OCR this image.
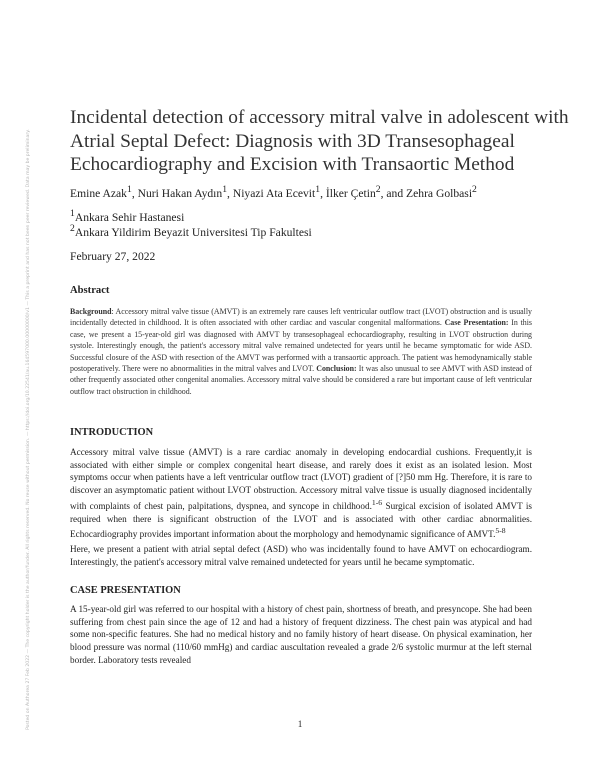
Posted on Authorea 27 Feb 2022 — The copyright holder is the author/funder. All rights reserved. No reuse without permission. — https://doi.org/10.22541/au.164597000.00000000/v1 — This a preprint and has not been peer reviewed. Data may be preliminary.
Incidental detection of accessory mitral valve in adolescent with
Atrial Septal Defect: Diagnosis with 3D Transesophageal
Echocardiography and Excision with Transaortic Method
Emine Azak$^1$, Nuri Hakan Aydın$^1$, Niyazi Ata Ecevit$^1$, İlker Çetin$^2$, and Zehra Golbasi$^2$
$^1$Ankara Sehir Hastanesi
$^2$Ankara Yildirim Beyazit Universitesi Tip Fakultesi
February 27, 2022
Abstract
Background: Accessory mitral valve tissue (AMVT) is an extremely rare causes left ventricular outflow tract (LVOT) obstruction and is usually incidentally detected in childhood. It is often associated with other cardiac and vascular congenital malformations. Case Presentation: In this case, we present a 15-year-old girl was diagnosed with AMVT by transesophageal echocardiography, resulting in LVOT obstruction during systole. Interestingly enough, the patient's accessory mitral valve remained undetected for years until he became symptomatic for wide ASD. Successful closure of the ASD with resection of the AMVT was performed with a transaortic approach. The patient was hemodynamically stable postoperatively. There were no abnormalities in the mitral valves and LVOT. Conclusion: It was also unusual to see AMVT with ASD instead of other frequently associated other congenital anomalies. Accessory mitral valve should be considered a rare but important cause of left ventricular outflow tract obstruction in childhood.
INTRODUCTION
Accessory mitral valve tissue (AMVT) is a rare cardiac anomaly in developing endocardial cushions. Frequently,it is associated with either simple or complex congenital heart disease, and rarely does it exist as an isolated lesion. Most symptoms occur when patients have a left ventricular outflow tract (LVOT) gradient of [?]50 mm Hg. Therefore, it is rare to discover an asymptomatic patient without LVOT obstruction. Accessory mitral valve tissue is usually diagnosed incidentally with complaints of chest pain, palpitations, dyspnea, and syncope in childhood.$^{1-6}$ Surgical excision of isolated AMVT is required when there is significant obstruction of the LVOT and is associated with other cardiac abnormalities. Echocardiography provides important information about the morphology and hemodynamic significance of AMVT.$^{5-8}$
Here, we present a patient with atrial septal defect (ASD) who was incidentally found to have AMVT on echocardiogram. Interestingly, the patient's accessory mitral valve remained undetected for years until he became symptomatic.
CASE PRESENTATION
A 15-year-old girl was referred to our hospital with a history of chest pain, shortness of breath, and presyncope. She had been suffering from chest pain since the age of 12 and had a history of frequent dizziness. The chest pain was atypical and had some non-specific features. She had no medical history and no family history of heart disease. On physical examination, her blood pressure was normal (110/60 mmHg) and cardiac auscultation revealed a grade 2/6 systolic murmur at the left sternal border. Laboratory tests revealed
1
